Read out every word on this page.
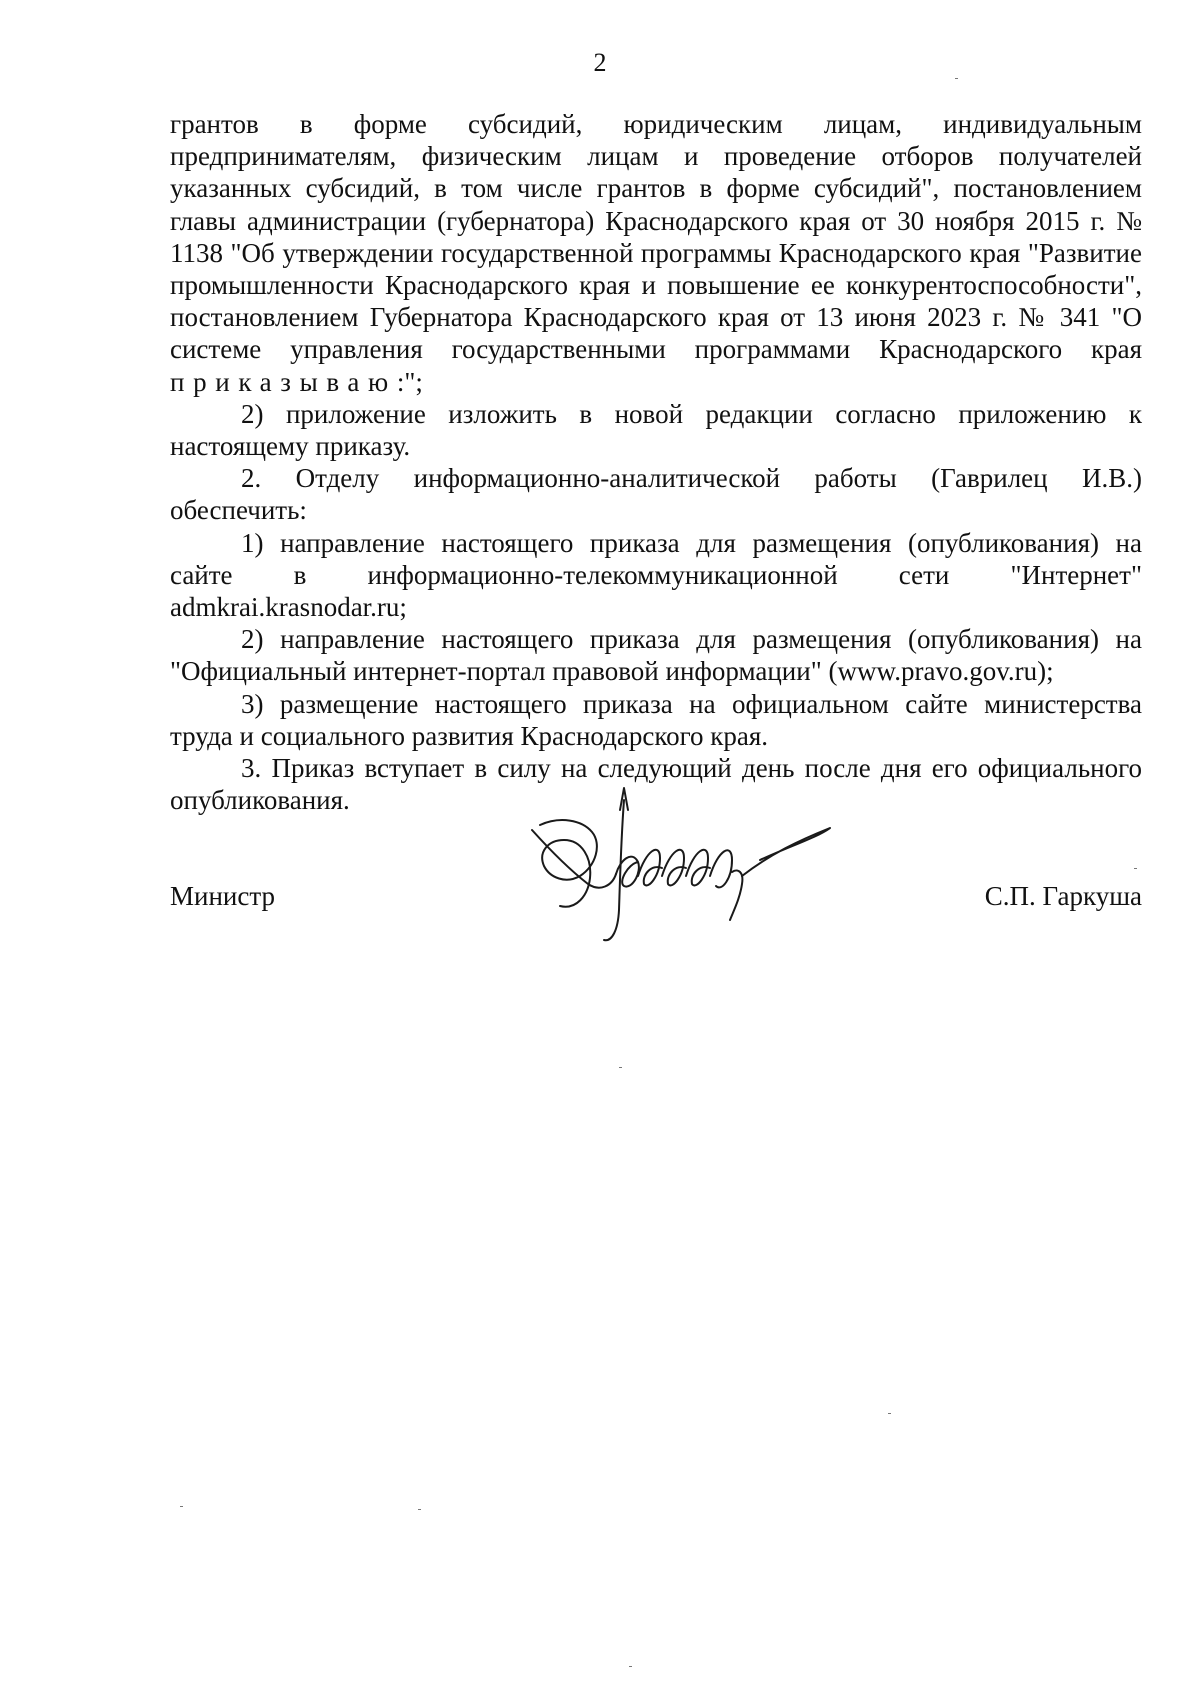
2

грантов в форме субсидий, юридическим лицам, индивидуальным предпринимателям, физическим лицам и проведение отборов получателей указанных субсидий, в том числе грантов в форме субсидий", постановлением главы администрации (губернатора) Краснодарского края от 30 ноября 2015 г. № 1138 "Об утверждении государственной программы Краснодарского края "Развитие промышленности Краснодарского края и повышение ее конкурентоспособности", постановлением Губернатора Краснодарского края от 13 июня 2023 г. № 341 "О системе управления государственными программами Краснодарского края приказываю:";

2) приложение изложить в новой редакции согласно приложению к настоящему приказу.

2. Отделу информационно-аналитической работы (Гаврилец И.В.) обеспечить:

1) направление настоящего приказа для размещения (опубликования) на сайте в информационно-телекоммуникационной сети "Интернет" admkrai.krasnodar.ru;

2) направление настоящего приказа для размещения (опубликования) на "Официальный интернет-портал правовой информации" (www.pravo.gov.ru);

3) размещение настоящего приказа на официальном сайте министерства труда и социального развития Краснодарского края.

3. Приказ вступает в силу на следующий день после дня его официального опубликования.

Министр	С.П. Гаркуша
